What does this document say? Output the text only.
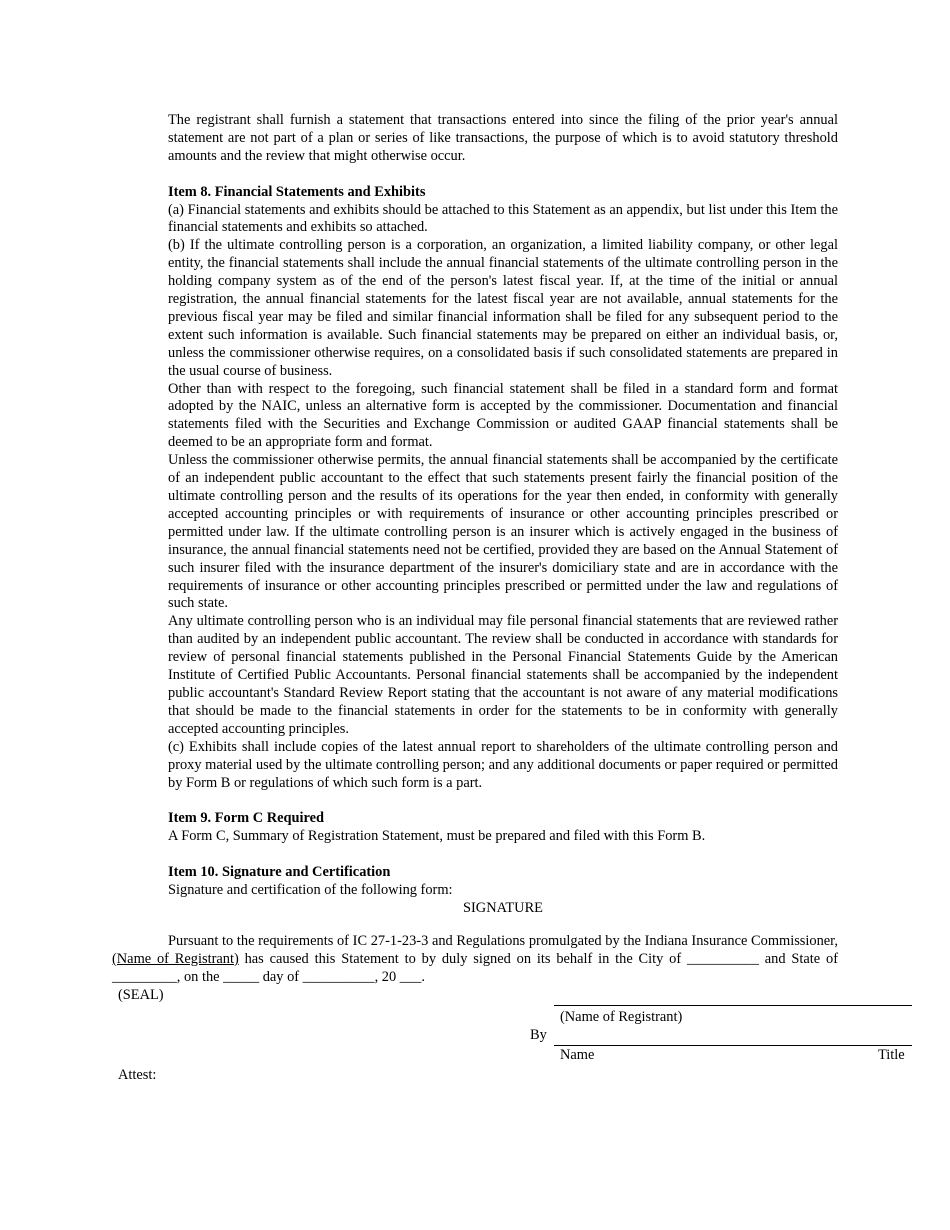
The registrant shall furnish a statement that transactions entered into since the filing of the prior year's annual statement are not part of a plan or series of like transactions, the purpose of which is to avoid statutory threshold amounts and the review that might otherwise occur.

Item 8. Financial Statements and Exhibits

(a) Financial statements and exhibits should be attached to this Statement as an appendix, but list under this Item the financial statements and exhibits so attached.

(b) If the ultimate controlling person is a corporation, an organization, a limited liability company, or other legal entity, the financial statements shall include the annual financial statements of the ultimate controlling person in the holding company system as of the end of the person's latest fiscal year. If, at the time of the initial or annual registration, the annual financial statements for the latest fiscal year are not available, annual statements for the previous fiscal year may be filed and similar financial information shall be filed for any subsequent period to the extent such information is available. Such financial statements may be prepared on either an individual basis, or, unless the commissioner otherwise requires, on a consolidated basis if such consolidated statements are prepared in the usual course of business.

Other than with respect to the foregoing, such financial statement shall be filed in a standard form and format adopted by the NAIC, unless an alternative form is accepted by the commissioner. Documentation and financial statements filed with the Securities and Exchange Commission or audited GAAP financial statements shall be deemed to be an appropriate form and format.

Unless the commissioner otherwise permits, the annual financial statements shall be accompanied by the certificate of an independent public accountant to the effect that such statements present fairly the financial position of the ultimate controlling person and the results of its operations for the year then ended, in conformity with generally accepted accounting principles or with requirements of insurance or other accounting principles prescribed or permitted under law. If the ultimate controlling person is an insurer which is actively engaged in the business of insurance, the annual financial statements need not be certified, provided they are based on the Annual Statement of such insurer filed with the insurance department of the insurer's domiciliary state and are in accordance with the requirements of insurance or other accounting principles prescribed or permitted under the law and regulations of such state.

Any ultimate controlling person who is an individual may file personal financial statements that are reviewed rather than audited by an independent public accountant. The review shall be conducted in accordance with standards for review of personal financial statements published in the Personal Financial Statements Guide by the American Institute of Certified Public Accountants. Personal financial statements shall be accompanied by the independent public accountant's Standard Review Report stating that the accountant is not aware of any material modifications that should be made to the financial statements in order for the statements to be in conformity with generally accepted accounting principles.

(c) Exhibits shall include copies of the latest annual report to shareholders of the ultimate controlling person and proxy material used by the ultimate controlling person; and any additional documents or paper required or permitted by Form B or regulations of which such form is a part.

Item 9. Form C Required

A Form C, Summary of Registration Statement, must be prepared and filed with this Form B.

Item 10. Signature and Certification

Signature and certification of the following form:

SIGNATURE

Pursuant to the requirements of IC 27-1-23-3 and Regulations promulgated by the Indiana Insurance Commissioner, (Name of Registrant) has caused this Statement to by duly signed on its behalf in the City of __________ and State of _________, on the _____ day of __________, 20 ___.

(SEAL)
(Name of Registrant)
By
Name	Title
Attest:
